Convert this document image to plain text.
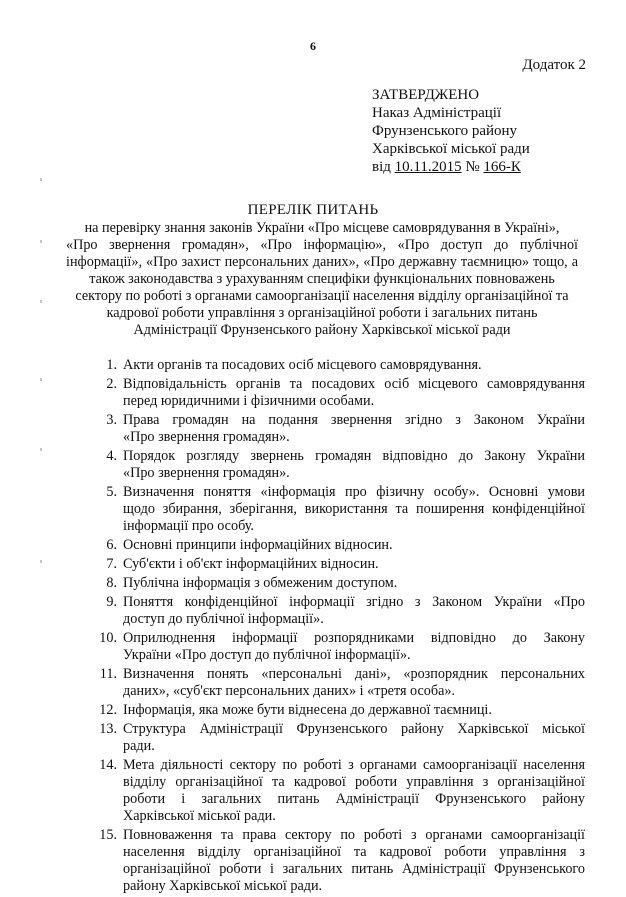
6
Додаток 2
ЗАТВЕРДЖЕНО
Наказ Адміністрації
Фрунзенського району
Харківської міської ради
від 10.11.2015 № 166-К
ПЕРЕЛІК ПИТАНЬ
на перевірку знання законів України «Про місцеве самоврядування в Україні»,
«Про звернення громадян», «Про інформацію», «Про доступ до публічної
інформації», «Про захист персональних даних», «Про державну таємницю» тощо, а
також законодавства з урахуванням специфіки функціональних повноважень
сектору по роботі з органами самоорганізації населення відділу організаційної та
кадрової роботи управління з організаційної роботи і загальних питань
Адміністрації Фрунзенського району Харківської міської ради
1. Акти органів та посадових осіб місцевого самоврядування.
2. Відповідальність органів та посадових осіб місцевого самоврядування
перед юридичними і фізичними особами.
3. Права громадян на подання звернення згідно з Законом України
«Про звернення громадян».
4. Порядок розгляду звернень громадян відповідно до Закону України
«Про звернення громадян».
5. Визначення поняття «інформація про фізичну особу». Основні умови
щодо збирання, зберігання, використання та поширення конфіденційної
інформації про особу.
6. Основні принципи інформаційних відносин.
7. Суб'єкти і об'єкт інформаційних відносин.
8. Публічна інформація з обмеженим доступом.
9. Поняття конфіденційної інформації згідно з Законом України «Про
доступ до публічної інформації».
10. Оприлюднення інформації розпорядниками відповідно до Закону
України «Про доступ до публічної інформації».
11. Визначення понять «персональні дані», «розпорядник персональних
даних», «суб'єкт персональних даних» і «третя особа».
12. Інформація, яка може бути віднесена до державної таємниці.
13. Структура Адміністрації Фрунзенського району Харківської міської
ради.
14. Мета діяльності сектору по роботі з органами самоорганізації населення
відділу організаційної та кадрової роботи управління з організаційної
роботи і загальних питань Адміністрації Фрунзенського району
Харківської міської ради.
15. Повноваження та права сектору по роботі з органами самоорганізації
населення відділу організаційної та кадрової роботи управління з
організаційної роботи і загальних питань Адміністрації Фрунзенського
району Харківської міської ради.
